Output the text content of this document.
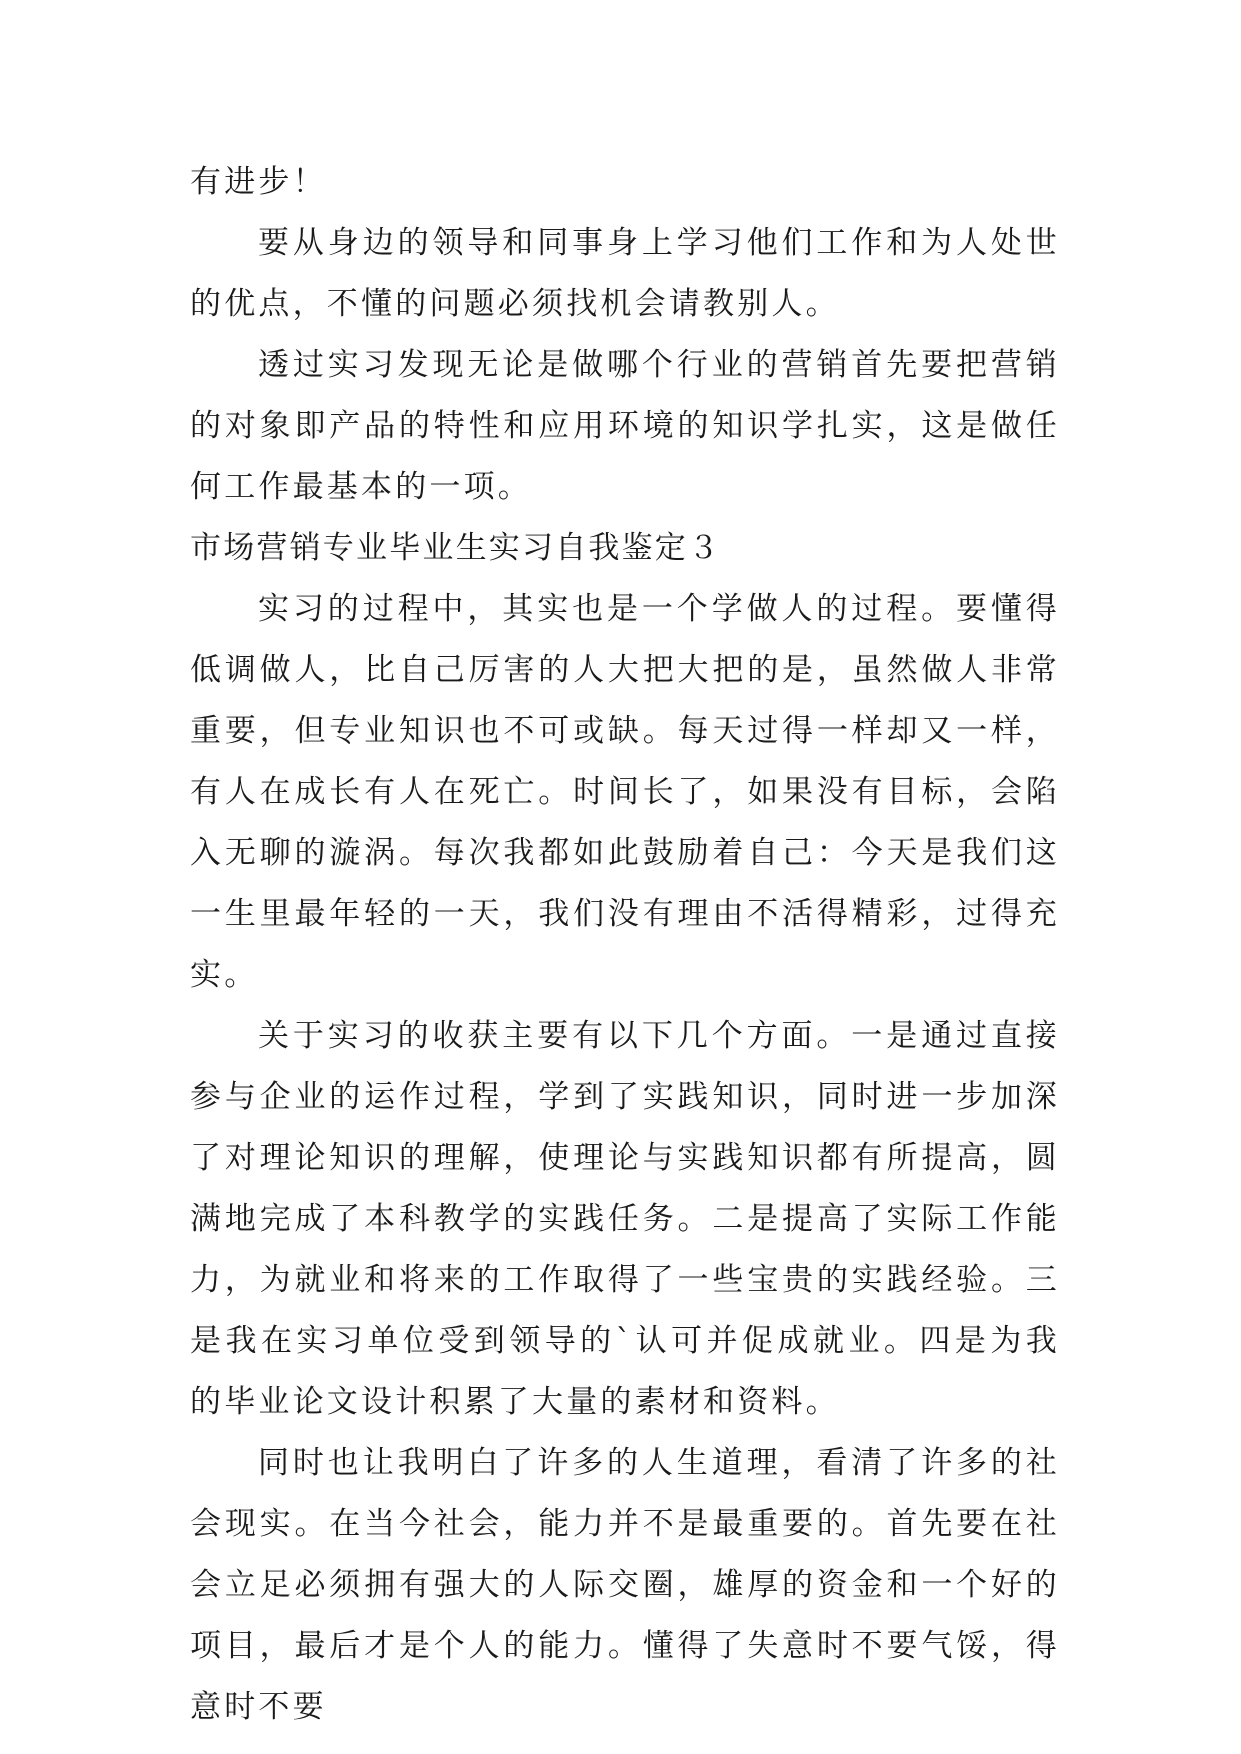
有进步！

要从身边的领导和同事身上学习他们工作和为人处世的优点，不懂的问题必须找机会请教别人。

透过实习发现无论是做哪个行业的营销首先要把营销的对象即产品的特性和应用环境的知识学扎实，这是做任何工作最基本的一项。

市场营销专业毕业生实习自我鉴定３

实习的过程中，其实也是一个学做人的过程。要懂得低调做人，比自己厉害的人大把大把的是，虽然做人非常重要，但专业知识也不可或缺。每天过得一样却又一样，有人在成长有人在死亡。时间长了，如果没有目标，会陷入无聊的漩涡。每次我都如此鼓励着自己：今天是我们这一生里最年轻的一天，我们没有理由不活得精彩，过得充实。

关于实习的收获主要有以下几个方面。一是通过直接参与企业的运作过程，学到了实践知识，同时进一步加深了对理论知识的理解，使理论与实践知识都有所提高，圆满地完成了本科教学的实践任务。二是提高了实际工作能力，为就业和将来的工作取得了一些宝贵的实践经验。三是我在实习单位受到领导的`认可并促成就业。四是为我的毕业论文设计积累了大量的素材和资料。

同时也让我明白了许多的人生道理，看清了许多的社会现实。在当今社会，能力并不是最重要的。首先要在社会立足必须拥有强大的人际交圈，雄厚的资金和一个好的项目，最后才是个人的能力。懂得了失意时不要气馁，得意时不要
